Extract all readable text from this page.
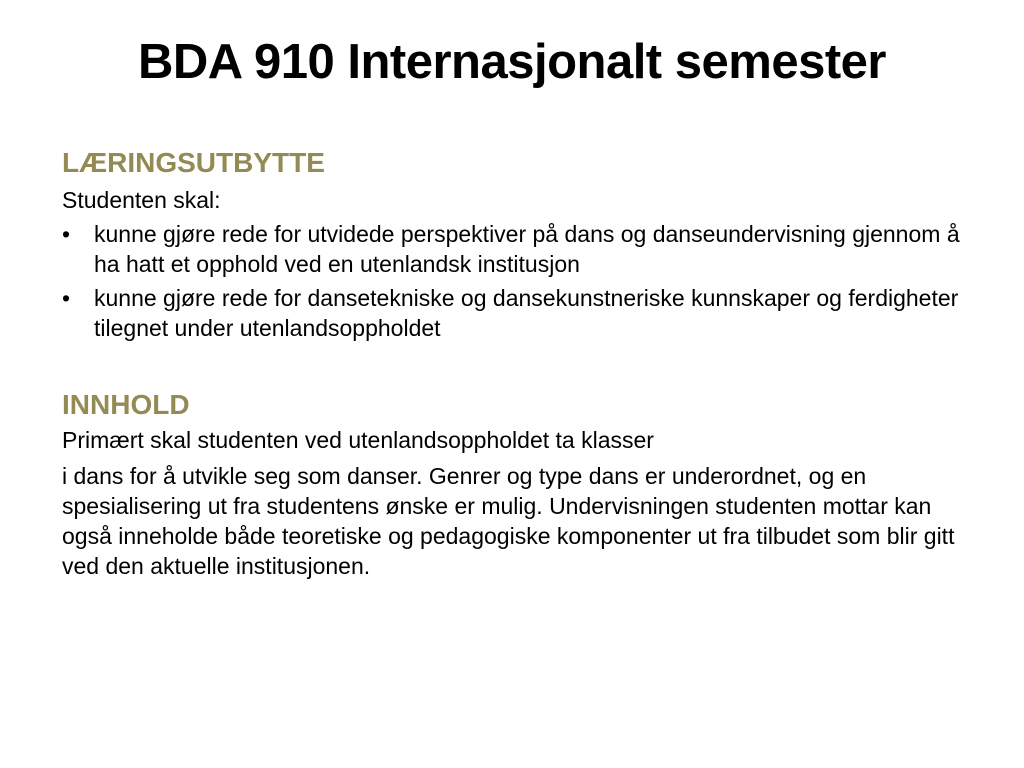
BDA 910 Internasjonalt semester

LÆRINGSUTBYTTE

Studenten skal:

•	kunne gjøre rede for utvidede perspektiver på dans og danseundervisning gjennom å ha hatt et opphold ved en utenlandsk institusjon
•	kunne gjøre rede for dansetekniske og dansekunstneriske kunnskaper og ferdigheter tilegnet under utenlandsoppholdet

INNHOLD

Primært skal studenten ved utenlandsoppholdet ta klasser

i dans for å utvikle seg som danser. Genrer og type dans er underordnet, og en spesialisering ut fra studentens ønske er mulig. Undervisningen studenten mottar kan også inneholde både teoretiske og pedagogiske komponenter ut fra tilbudet som blir gitt ved den aktuelle institusjonen.
